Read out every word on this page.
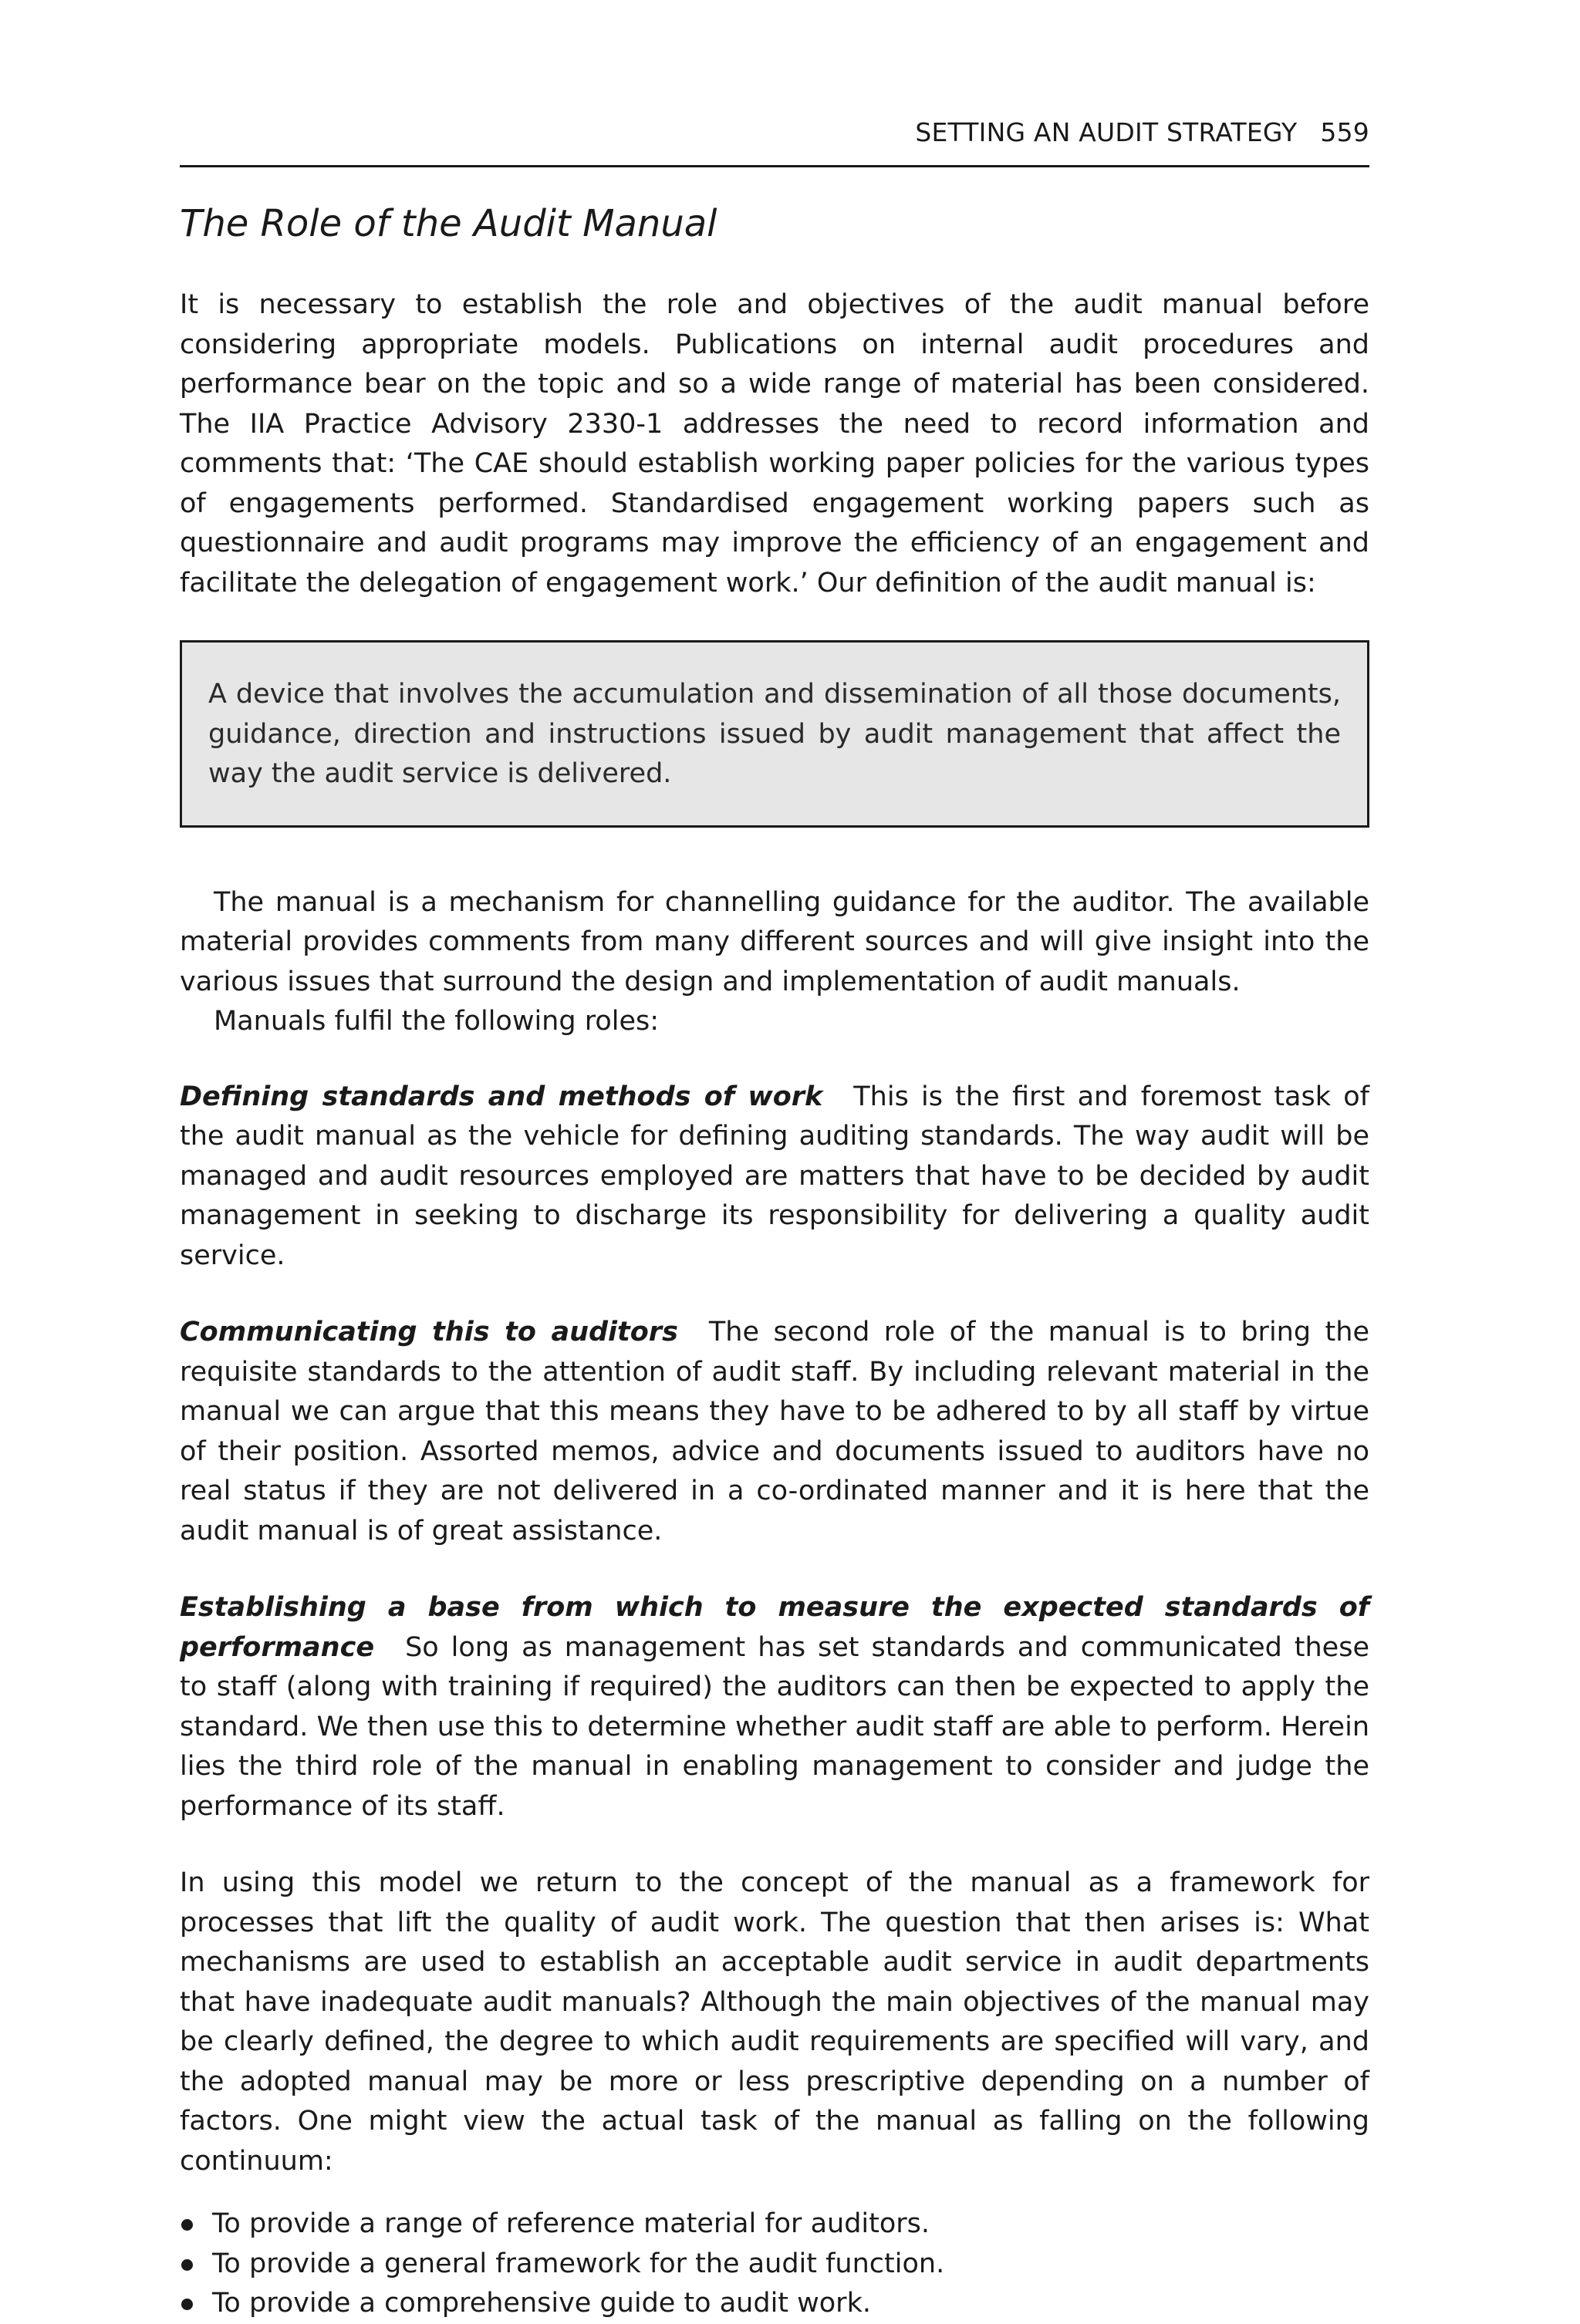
SETTING AN AUDIT STRATEGY 559
The Role of the Audit Manual

It is necessary to establish the role and objectives of the audit manual before considering appropriate models. Publications on internal audit procedures and performance bear on the topic and so a wide range of material has been considered. The IIA Practice Advisory 2330-1 addresses the need to record information and comments that: ‘The CAE should establish working paper policies for the various types of engagements performed. Standardised engagement working papers such as questionnaire and audit programs may improve the efficiency of an engagement and facilitate the delegation of engagement work.’ Our definition of the audit manual is:

A device that involves the accumulation and dissemination of all those documents, guidance, direction and instructions issued by audit management that affect the way the audit service is delivered.

The manual is a mechanism for channelling guidance for the auditor. The available material provides comments from many different sources and will give insight into the various issues that surround the design and implementation of audit manuals.

Manuals fulfil the following roles:

Defining standards and methods of work This is the first and foremost task of the audit manual as the vehicle for defining auditing standards. The way audit will be managed and audit resources employed are matters that have to be decided by audit management in seeking to discharge its responsibility for delivering a quality audit service.

Communicating this to auditors The second role of the manual is to bring the requisite standards to the attention of audit staff. By including relevant material in the manual we can argue that this means they have to be adhered to by all staff by virtue of their position. Assorted memos, advice and documents issued to auditors have no real status if they are not delivered in a co-ordinated manner and it is here that the audit manual is of great assistance.

Establishing a base from which to measure the expected standards of performance So long as management has set standards and communicated these to staff (along with training if required) the auditors can then be expected to apply the standard. We then use this to determine whether audit staff are able to perform. Herein lies the third role of the manual in enabling management to consider and judge the performance of its staff.

In using this model we return to the concept of the manual as a framework for processes that lift the quality of audit work. The question that then arises is: What mechanisms are used to establish an acceptable audit service in audit departments that have inadequate audit manuals? Although the main objectives of the manual may be clearly defined, the degree to which audit requirements are specified will vary, and the adopted manual may be more or less prescriptive depending on a number of factors. One might view the actual task of the manual as falling on the following continuum:

To provide a range of reference material for auditors.
To provide a general framework for the audit function.
To provide a comprehensive guide to audit work.
